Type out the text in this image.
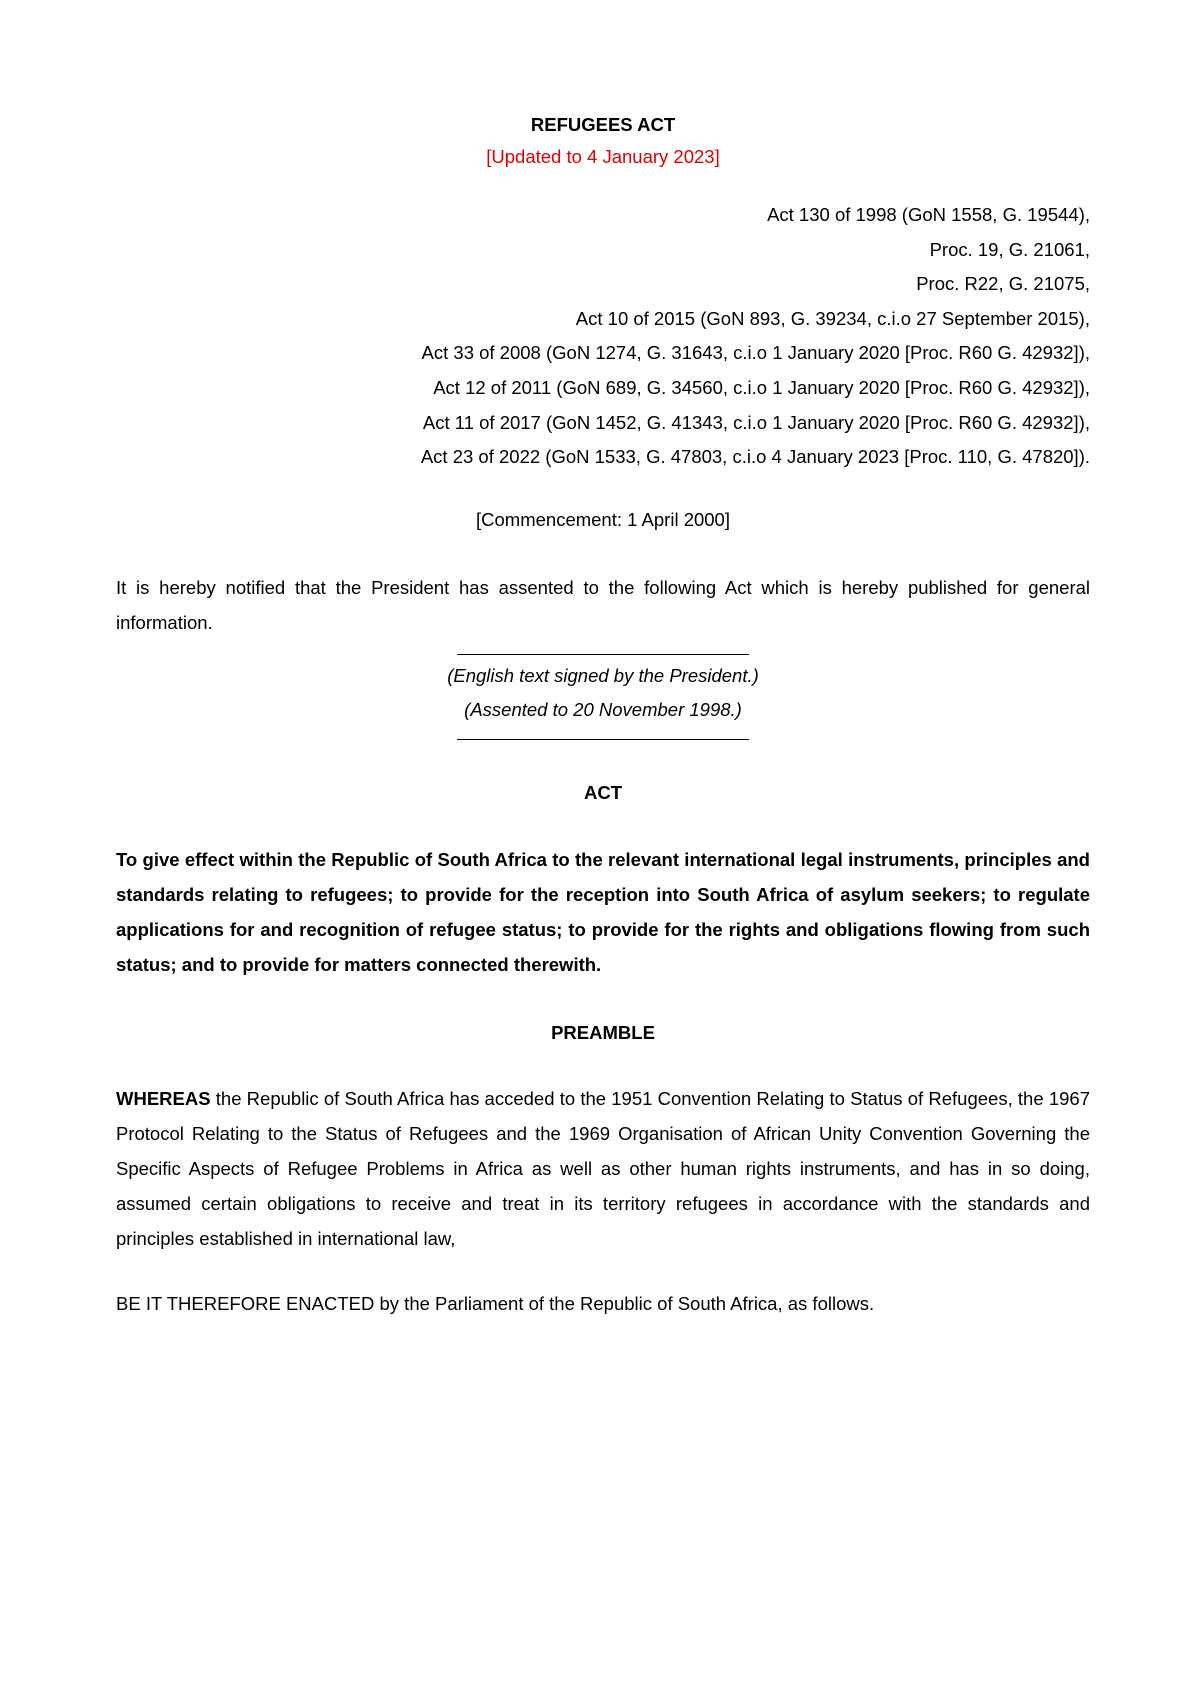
REFUGEES ACT
[Updated to 4 January 2023]
Act 130 of 1998 (GoN 1558, G. 19544),
Proc. 19, G. 21061,
Proc. R22, G. 21075,
Act 10 of 2015 (GoN 893, G. 39234, c.i.o 27 September 2015),
Act 33 of 2008 (GoN 1274, G. 31643, c.i.o 1 January 2020 [Proc. R60 G. 42932]),
Act 12 of 2011 (GoN 689, G. 34560, c.i.o 1 January 2020 [Proc. R60 G. 42932]),
Act 11 of 2017 (GoN 1452, G. 41343, c.i.o 1 January 2020 [Proc. R60 G. 42932]),
Act 23 of 2022 (GoN 1533, G. 47803, c.i.o 4 January 2023 [Proc. 110, G. 47820]).
[Commencement: 1 April 2000]
It is hereby notified that the President has assented to the following Act which is hereby published for general information.
(English text signed by the President.)
(Assented to 20 November 1998.)
ACT
To give effect within the Republic of South Africa to the relevant international legal instruments, principles and standards relating to refugees; to provide for the reception into South Africa of asylum seekers; to regulate applications for and recognition of refugee status; to provide for the rights and obligations flowing from such status; and to provide for matters connected therewith.
PREAMBLE
WHEREAS the Republic of South Africa has acceded to the 1951 Convention Relating to Status of Refugees, the 1967 Protocol Relating to the Status of Refugees and the 1969 Organisation of African Unity Convention Governing the Specific Aspects of Refugee Problems in Africa as well as other human rights instruments, and has in so doing, assumed certain obligations to receive and treat in its territory refugees in accordance with the standards and principles established in international law,
BE IT THEREFORE ENACTED by the Parliament of the Republic of South Africa, as follows.
